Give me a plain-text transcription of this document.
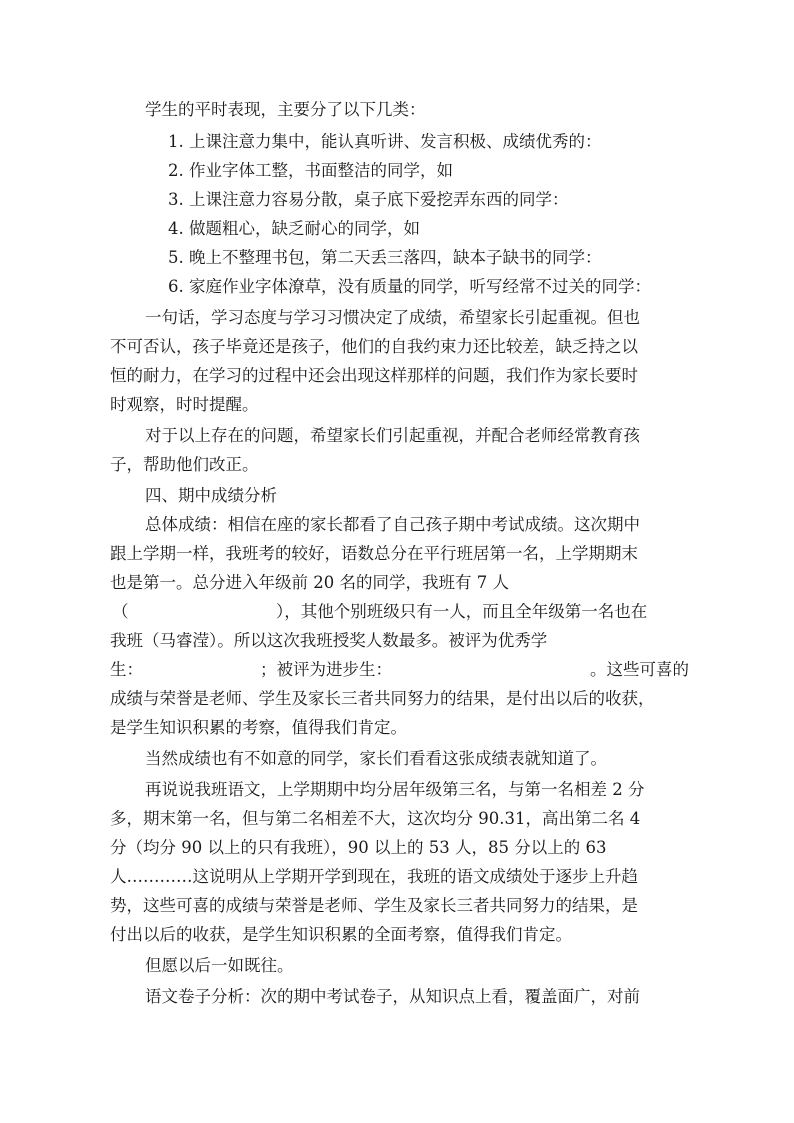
学生的平时表现，主要分了以下几类：
1. 上课注意力集中，能认真听讲、发言积极、成绩优秀的：
2. 作业字体工整，书面整洁的同学，如
3. 上课注意力容易分散，桌子底下爱挖弄东西的同学：
4. 做题粗心，缺乏耐心的同学，如
5. 晚上不整理书包，第二天丢三落四，缺本子缺书的同学：
6. 家庭作业字体潦草，没有质量的同学，听写经常不过关的同学：
一句话，学习态度与学习习惯决定了成绩，希望家长引起重视。但也
不可否认，孩子毕竟还是孩子，他们的自我约束力还比较差，缺乏持之以
恒的耐力，在学习的过程中还会出现这样那样的问题，我们作为家长要时
时观察，时时提醒。
对于以上存在的问题，希望家长们引起重视，并配合老师经常教育孩
子，帮助他们改正。
四、期中成绩分析
总体成绩：相信在座的家长都看了自己孩子期中考试成绩。这次期中
跟上学期一样，我班考的较好，语数总分在平行班居第一名，上学期期末
也是第一。总分进入年级前 20 名的同学，我班有 7 人
（	），其他个别班级只有一人，而且全年级第一名也在
我班（马睿滢）。所以这次我班授奖人数最多。被评为优秀学
生：	；被评为进步生：	。这些可喜的
成绩与荣誉是老师、学生及家长三者共同努力的结果，是付出以后的收获，
是学生知识积累的考察，值得我们肯定。
当然成绩也有不如意的同学，家长们看看这张成绩表就知道了。
再说说我班语文，上学期期中均分居年级第三名，与第一名相差 2 分
多，期末第一名，但与第二名相差不大，这次均分 90.31，高出第二名 4
分（均分 90 以上的只有我班），90 以上的 53 人，85 分以上的 63
人…………这说明从上学期开学到现在，我班的语文成绩处于逐步上升趋
势，这些可喜的成绩与荣誉是老师、学生及家长三者共同努力的结果，是
付出以后的收获，是学生知识积累的全面考察，值得我们肯定。
但愿以后一如既往。
语文卷子分析：次的期中考试卷子，从知识点上看，覆盖面广，对前
